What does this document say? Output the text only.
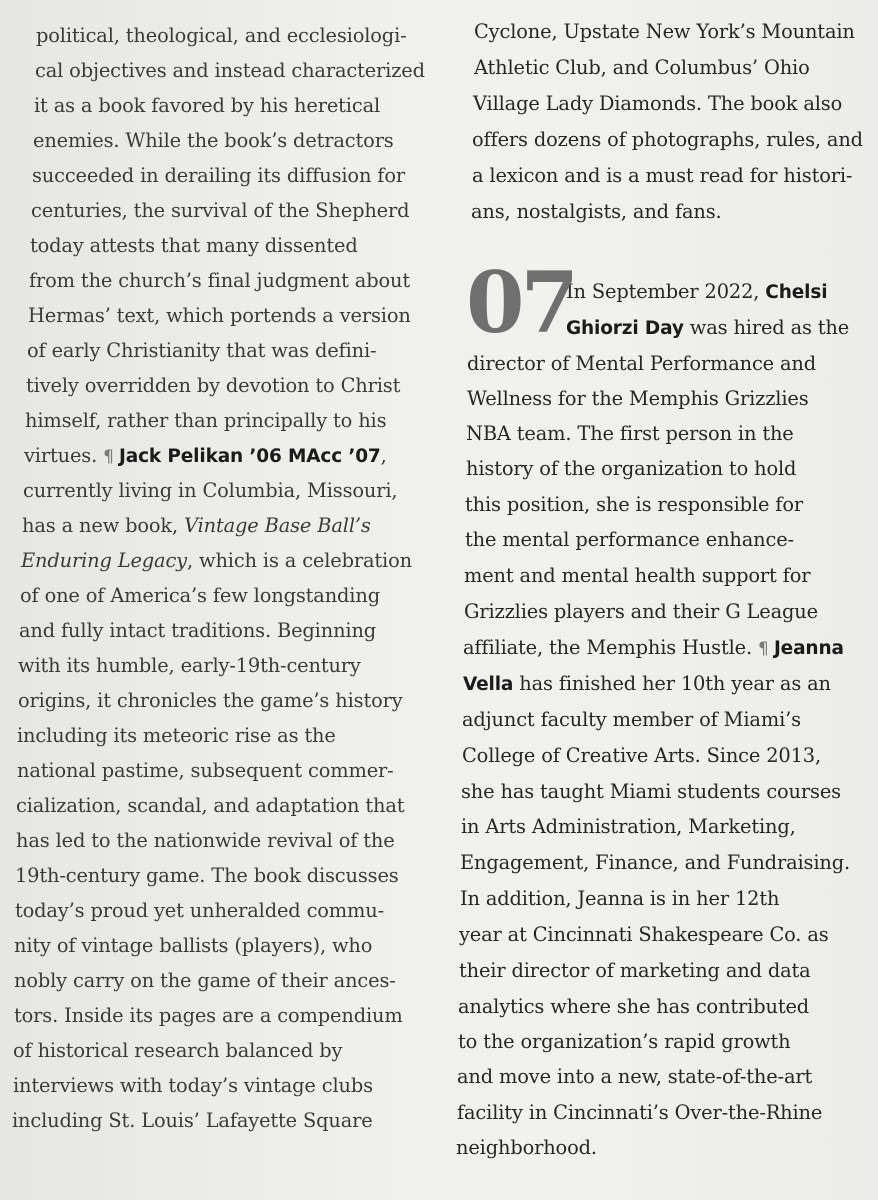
political, theological, and ecclesiologi-
cal objectives and instead characterized
it as a book favored by his heretical
enemies. While the book’s detractors
succeeded in derailing its diffusion for
centuries, the survival of the Shepherd
today attests that many dissented
from the church’s final judgment about
Hermas’ text, which portends a version
of early Christianity that was defini-
tively overridden by devotion to Christ
himself, rather than principally to his
virtues. ¶ Jack Pelikan ’06 MAcc ’07,
currently living in Columbia, Missouri,
has a new book, Vintage Base Ball’s
Enduring Legacy, which is a celebration
of one of America’s few longstanding
and fully intact traditions. Beginning
with its humble, early-19th-century
origins, it chronicles the game’s history
including its meteoric rise as the
national pastime, subsequent commer-
cialization, scandal, and adaptation that
has led to the nationwide revival of the
19th-century game. The book discusses
today’s proud yet unheralded commu-
nity of vintage ballists (players), who
nobly carry on the game of their ances-
tors. Inside its pages are a compendium
of historical research balanced by
interviews with today’s vintage clubs
including St. Louis’ Lafayette Square
Cyclone, Upstate New York’s Mountain
Athletic Club, and Columbus’ Ohio
Village Lady Diamonds. The book also
offers dozens of photographs, rules, and
a lexicon and is a must read for histori-
ans, nostalgists, and fans.
In September 2022, Chelsi
Ghiorzi Day was hired as the
director of Mental Performance and
Wellness for the Memphis Grizzlies
NBA team. The first person in the
history of the organization to hold
this position, she is responsible for
the mental performance enhance-
ment and mental health support for
Grizzlies players and their G League
affiliate, the Memphis Hustle. ¶ Jeanna
Vella has finished her 10th year as an
adjunct faculty member of Miami’s
College of Creative Arts. Since 2013,
she has taught Miami students courses
in Arts Administration, Marketing,
Engagement, Finance, and Fundraising.
In addition, Jeanna is in her 12th
year at Cincinnati Shakespeare Co. as
their director of marketing and data
analytics where she has contributed
to the organization’s rapid growth
and move into a new, state-of-the-art
facility in Cincinnati’s Over-the-Rhine
neighborhood.
07
